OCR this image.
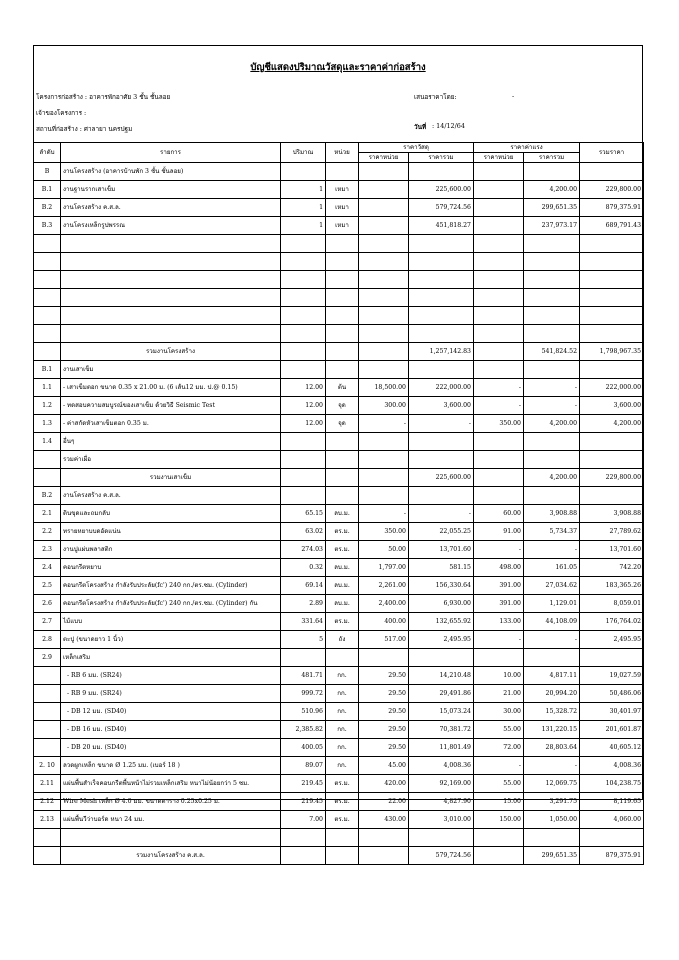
บัญชีแสดงปริมาณวัสดุและราคาค่าก่อสร้าง
โครงการก่อสร้าง : อาคารพักอาศัย 3 ชั้น ชั้นลอย
เจ้าของโครงการ :
สถานที่ก่อสร้าง : ศาลายา นครปฐม
เสนอราคาโดย:	-
วันที่ : 14/12/64
ลำดับ	รายการ	ปริมาณ	หน่วย	ราคาวัสดุ		ราคาค่าแรง		รวมราคา
				ราคาหน่วย	ราคารวม	ราคาหน่วย	ราคารวม	
B	งานโครงสร้าง (อาคารบ้านพัก 3 ชั้น ชั้นลอย)							
B.1	งานฐานรากเสาเข็ม	1	เหมา		225,600.00		4,200.00	229,800.00
B.2	งานโครงสร้าง ค.ส.ล.	1	เหมา		579,724.56		299,651.35	879,375.91
B.3	งานโครงเหล็กรูปพรรณ	1	เหมา		451,818.27		237,973.17	689,791.43

	รวมงานโครงสร้าง				1,257,142.83		541,824.52	1,798,967.35
B.1	งานเสาเข็ม							
1.1	- เสาเข็มตอก ขนาด 0.35 x 21.00 ม. (6 เส้น12 มม. ป.@ 0.15)	12.00	ต้น	18,500.00	222,000.00	-	-	222,000.00
1.2	- ทดสอบความสมบูรณ์ของเสาเข็ม ด้วยวิธี Seismic Test	12.00	จุด	300.00	3,600.00	-	-	3,600.00
1.3	- ค่าสกัดหัวเสาเข็มตอก 0.35 ม.	12.00	จุด	-	-	350.00	4,200.00	4,200.00
1.4	อื่นๆ							
	รวมค่าเผื่อ							
	รวมงานเสาเข็ม				225,600.00		4,200.00	229,800.00
B.2	งานโครงสร้าง ค.ส.ล.							
2.1	ดินขุดและถมกลับ	65.15	ลบ.ม.	-	-	60.00	3,908.88	3,908.88
2.2	ทรายหยาบบดอัดแน่น	63.02	ตร.ม.	350.00	22,055.25	91.00	5,734.37	27,789.62
2.3	งานปูแผ่นพลาสติก	274.03	ตร.ม.	50.00	13,701.60	-	-	13,701.60
2.4	คอนกรีตหยาบ	0.32	ลบ.ม.	1,797.00	581.15	498.00	161.05	742.20
2.5	คอนกรีตโครงสร้าง กำลังรับประลัย(fc') 240 กก./ตร.ซม. (Cylinder)	69.14	ลบ.ม.	2,261.00	156,330.64	391.00	27,034.62	183,365.26
2.6	คอนกรีตโครงสร้าง กำลังรับประลัย(fc') 240 กก./ตร.ซม. (Cylinder) กัน	2.89	ลบ.ม.	2,400.00	6,930.00	391.00	1,129.01	8,059.01
2.7	ไม้แบบ	331.64	ตร.ม.	400.00	132,655.92	133.00	44,108.09	176,764.02
2.8	ตะปู (ขนาดยาว 1 นิ้ว)	5	ถัง	517.00	2,495.95	-	-	2,495.95
2.9	เหล็กเสริม							
	- RB 6 มม. (SR24)	481.71	กก.	29.50	14,210.48	10.00	4,817.11	19,027.59
	- RB 9 มม. (SR24)	999.72	กก.	29.50	29,491.86	21.00	20,994.20	50,486.06
	- DB 12 มม. (SD40)	510.96	กก.	29.50	15,073.24	30.00	15,328.72	30,401.97
	- DB 16 มม. (SD40)	2,385.82	กก.	29.50	70,381.72	55.00	131,220.15	201,601.87
	- DB 20 มม. (SD40)	400.05	กก.	29.50	11,801.49	72.00	28,803.64	40,605.12
2. 10	ลวดผูกเหล็ก ขนาด Ø 1.25 มม. (เบอร์ 18 )	89.07	กก.	45.00	4,008.36	-	-	4,008.36
2.11	แผ่นพื้นสำเร็จคอนกรีตพื้นหน้าไม่รวมเหล็กเสริม หนาไม่น้อยกว่า 5 ซม.	219.45	ตร.ม.	420.00	92,169.00	55.00	12,069.75	104,238.75
2.12	Wire Mesh เหล็ก Ø 4.0 มม. ขนาดตาราง 0.25x0.25 ม.	219.45	ตร.ม.	22.00	4,827.90	15.00	3,291.75	8,119.65
2.13	แผ่นพื้นวีว่าบอร์ด หนา 24 มม.	7.00	ตร.ม.	430.00	3,010.00	150.00	1,050.00	4,060.00

	รวมงานโครงสร้าง ค.ส.ล.				579,724.56		299,651.35	879,375.91
